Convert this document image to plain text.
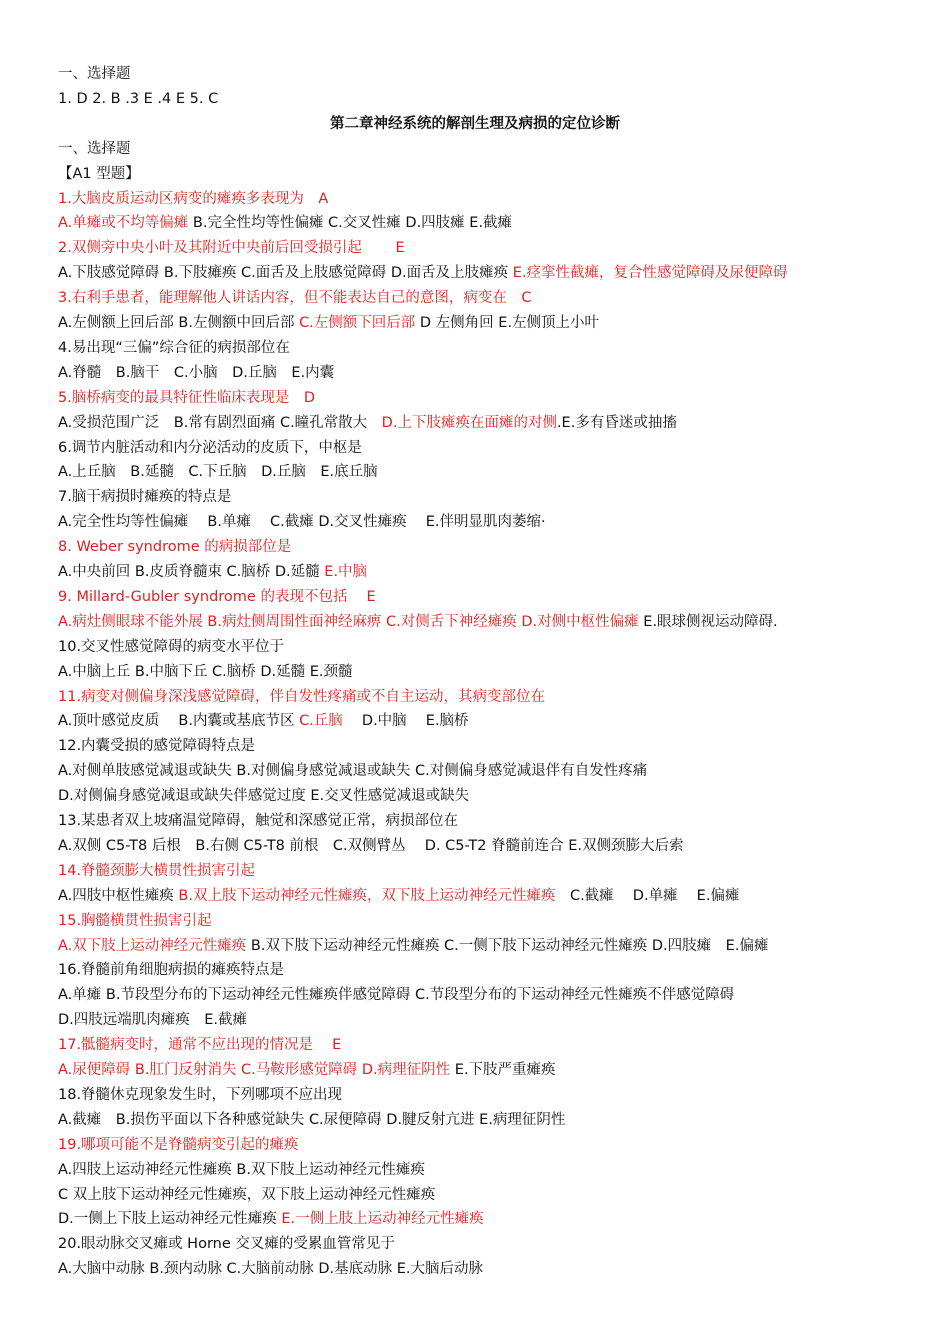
一、选择题
1. D 2. B .3 E .4 E 5. C
第二章神经系统的解剖生理及病损的定位诊断
一、选择题
【A1 型题】
1.大脑皮质运动区病变的瘫痪多表现为　A
A.单瘫或不均等偏瘫 B.完全性均等性偏瘫 C.交叉性瘫 D.四肢瘫 E.截瘫
2.双侧旁中央小叶及其附近中央前后回受损引起　　 E
A.下肢感觉障碍 B.下肢瘫痪 C.面舌及上肢感觉障碍 D.面舌及上肢瘫痪 E.痉挛性截瘫，复合性感觉障碍及尿便障碍
3.右利手患者，能理解他人讲话内容，但不能表达自己的意图，病变在　C
A.左侧额上回后部 B.左侧额中回后部 C.左侧额下回后部 D 左侧角回 E.左侧顶上小叶
4.易出现“三偏”综合征的病损部位在
A.脊髓　B.脑干　C.小脑　D.丘脑　E.内囊
5.脑桥病变的最具特征性临床表现是　D
A.受损范围广泛　B.常有剧烈面痛 C.瞳孔常散大　D.上下肢瘫痪在面瘫的对侧.E.多有昏迷或抽搐
6.调节内脏活动和内分泌活动的皮质下，中枢是
A.上丘脑　B.延髓　C.下丘脑　D.丘脑　E.底丘脑
7.脑干病损时瘫痪的特点是
A.完全性均等性偏瘫　 B.单瘫　 C.截瘫 D.交叉性瘫痪　 E.伴明显肌肉萎缩·
8. Weber syndrome 的病损部位是
A.中央前回 B.皮质脊髓束 C.脑桥 D.延髓 E.中脑
9. Millard-Gubler syndrome 的表现不包括　 E
A.病灶侧眼球不能外展 B.病灶侧周围性面神经麻痹 C.对侧舌下神经瘫痪 D.对侧中枢性偏瘫 E.眼球侧视运动障碍.
10.交叉性感觉障碍的病变水平位于
A.中脑上丘 B.中脑下丘 C.脑桥 D.延髓 E.颈髓
11.病变对侧偏身深浅感觉障碍，伴自发性疼痛或不自主运动，其病变部位在
A.顶叶感觉皮质　 B.内囊或基底节区 C.丘脑　 D.中脑　 E.脑桥
12.内囊受损的感觉障碍特点是
A.对侧单肢感觉减退或缺失 B.对侧偏身感觉减退或缺失 C.对侧偏身感觉减退伴有自发性疼痛
D.对侧偏身感觉减退或缺失伴感觉过度 E.交叉性感觉减退或缺失
13.某患者双上坡痛温觉障碍，触觉和深感觉正常，病损部位在
A.双侧 C5-T8 后根　B.右侧 C5-T8 前根　C.双侧臂丛　 D. C5-T2 脊髓前连合 E.双侧颈膨大后索
14.脊髓颈膨大横贯性损害引起
A.四肢中枢性瘫痪 B.双上肢下运动神经元性瘫痪，双下肢上运动神经元性瘫痪　C.截瘫　 D.单瘫　 E.偏瘫
15.胸髓横贯性损害引起
A.双下肢上运动神经元性瘫痪 B.双下肢下运动神经元性瘫痪 C.一侧下肢下运动神经元性瘫痪 D.四肢瘫　E.偏瘫
16.脊髓前角细胞病损的瘫痪特点是
A.单瘫 B.节段型分布的下运动神经元性瘫痪伴感觉障碍 C.节段型分布的下运动神经元性瘫痪不伴感觉障碍
D.四肢远端肌肉瘫痪　E.截瘫
17.骶髓病变时，通常不应出现的情况是　 E
A.尿便障碍 B.肛门反射消失 C.马鞍形感觉障碍 D.病理征阴性 E.下肢严重瘫痪
18.脊髓休克现象发生时，下列哪项不应出现
A.截瘫　B.损伤平面以下各种感觉缺失 C.尿便障碍 D.腱反射亢进 E.病理征阴性
19.哪项可能不是脊髓病变引起的瘫痪
A.四肢上运动神经元性瘫痪 B.双下肢上运动神经元性瘫痪
C 双上肢下运动神经元性瘫痪，双下肢上运动神经元性瘫痪
D.一侧上下肢上运动神经元性瘫痪 E.一侧上肢上运动神经元性瘫痪
20.眼动脉交叉瘫或 Horne 交叉瘫的受累血管常见于
A.大脑中动脉 B.颈内动脉 C.大脑前动脉 D.基底动脉 E.大脑后动脉
